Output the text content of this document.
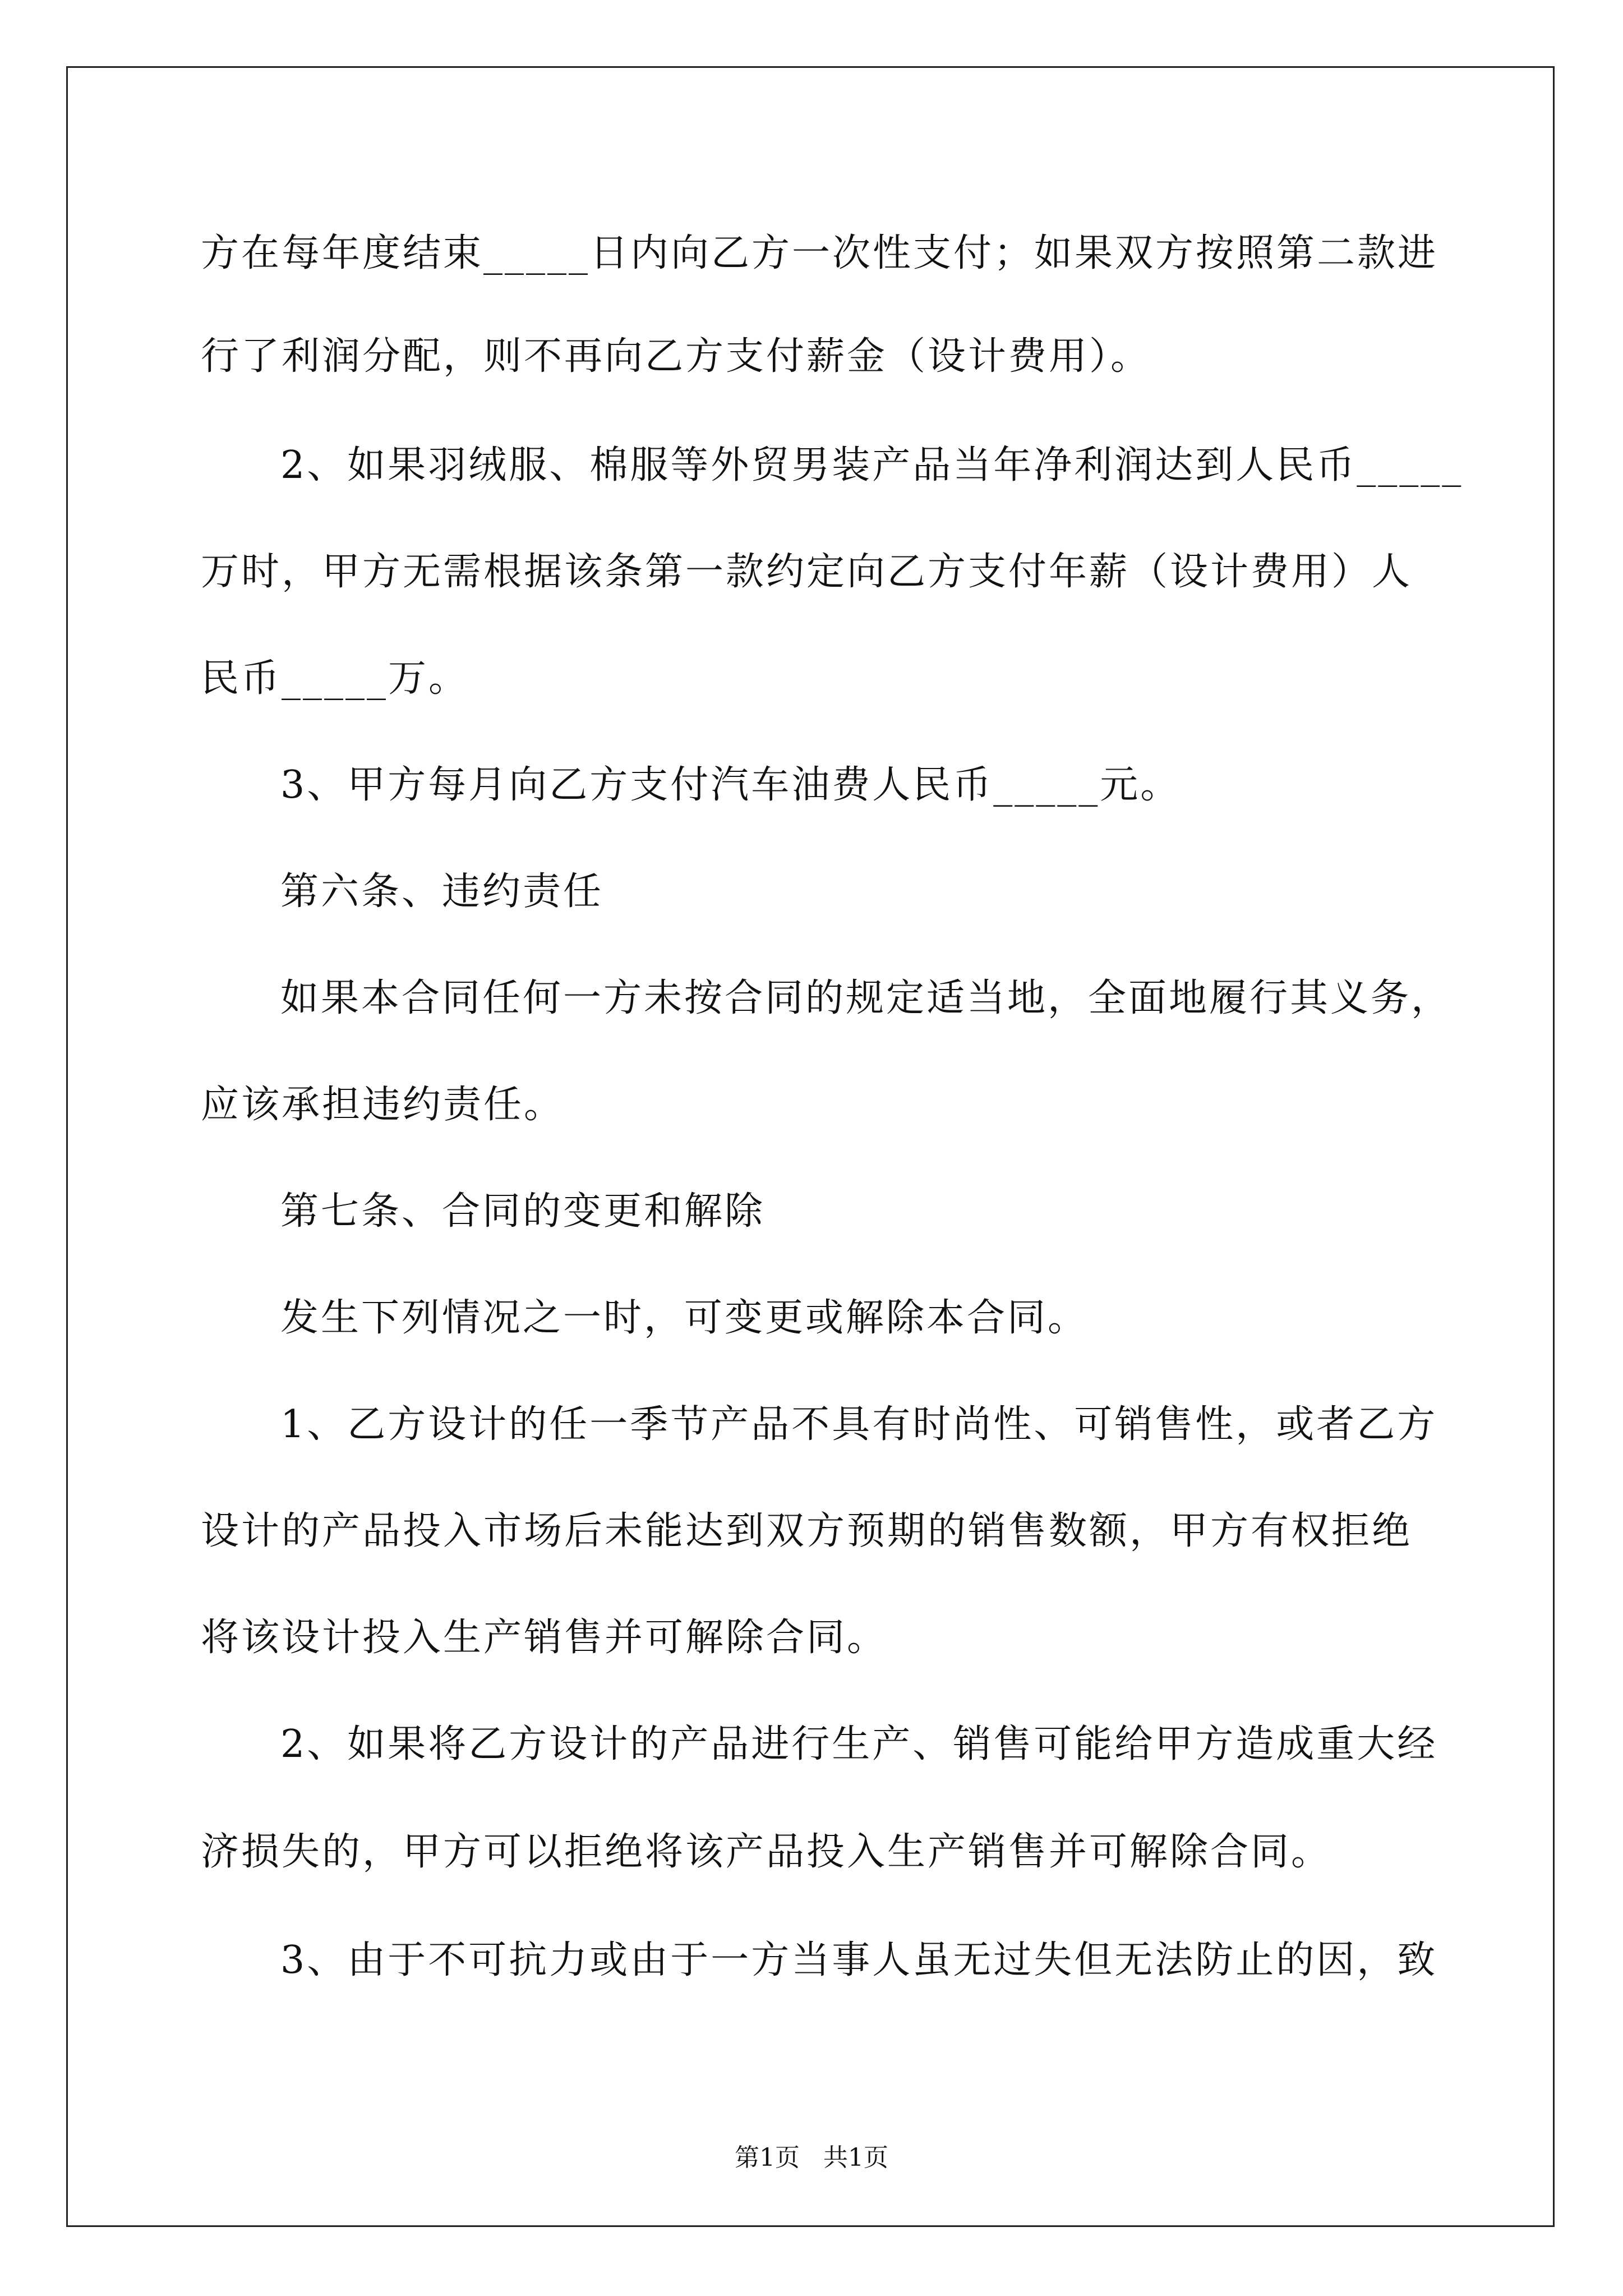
方在每年度结束_____日内向乙方一次性支付；如果双方按照第二款进
行了利润分配，则不再向乙方支付薪金（设计费用）。
2、如果羽绒服、棉服等外贸男装产品当年净利润达到人民币_____
万时，甲方无需根据该条第一款约定向乙方支付年薪（设计费用）人
民币_____万。
3、甲方每月向乙方支付汽车油费人民币_____元。
第六条、违约责任
如果本合同任何一方未按合同的规定适当地，全面地履行其义务，
应该承担违约责任。
第七条、合同的变更和解除
发生下列情况之一时，可变更或解除本合同。
1、乙方设计的任一季节产品不具有时尚性、可销售性，或者乙方
设计的产品投入市场后未能达到双方预期的销售数额，甲方有权拒绝
将该设计投入生产销售并可解除合同。
2、如果将乙方设计的产品进行生产、销售可能给甲方造成重大经
济损失的，甲方可以拒绝将该产品投入生产销售并可解除合同。
3、由于不可抗力或由于一方当事人虽无过失但无法防止的因，致
第1页   共1页
